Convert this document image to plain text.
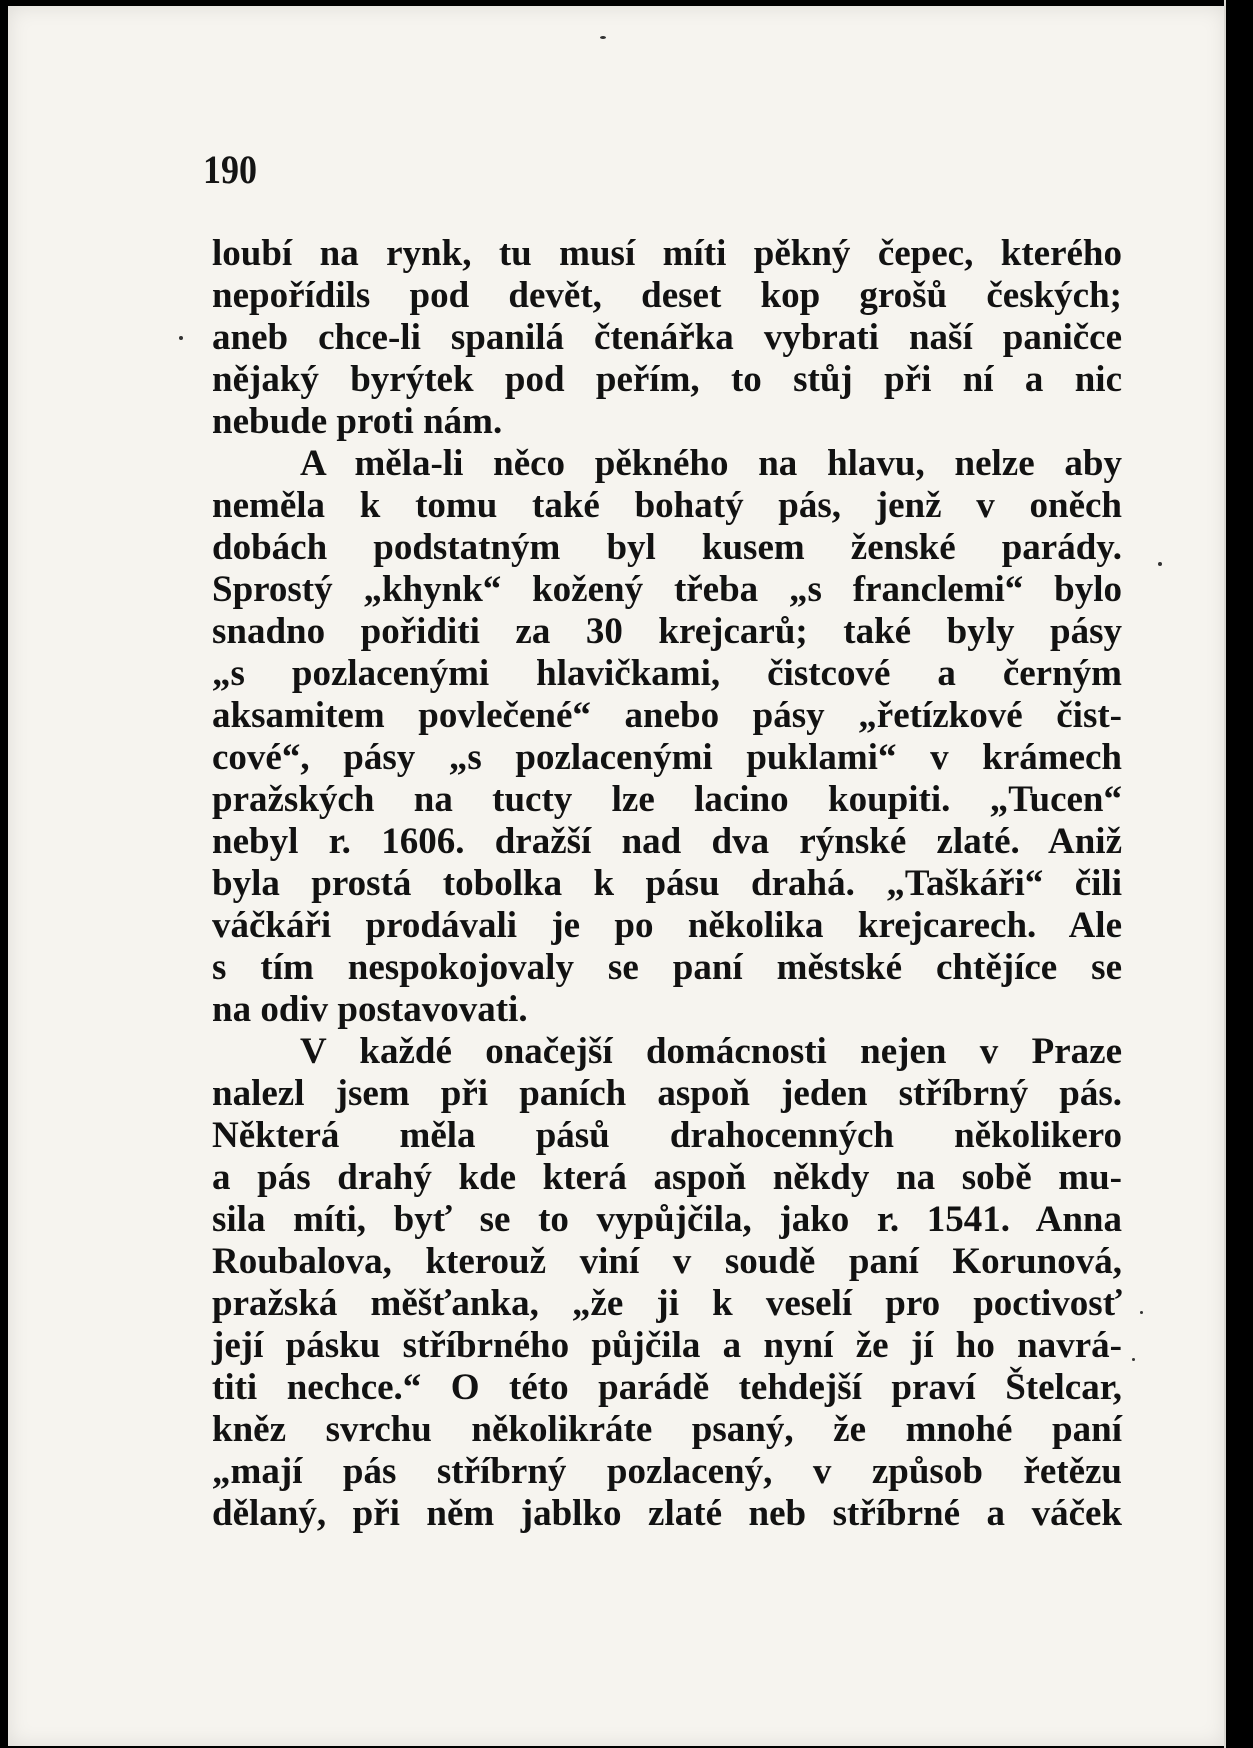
190
loubí na rynk, tu musí míti pěkný čepec, kterého
nepořídils pod devět, deset kop grošů českých;
aneb chce-li spanilá čtenářka vybrati naší paničce
nějaký byrýtek pod peřím, to stůj při ní a nic
nebude proti nám.
A měla-li něco pěkného na hlavu, nelze aby
neměla k tomu také bohatý pás, jenž v oněch
dobách podstatným byl kusem ženské parády.
Sprostý „khynk“ kožený třeba „s franclemi“ bylo
snadno pořiditi za 30 krejcarů; také byly pásy
„s pozlacenými hlavičkami, čistcové a černým
aksamitem povlečené“ anebo pásy „řetízkové čist-
cové“, pásy „s pozlacenými puklami“ v krámech
pražských na tucty lze lacino koupiti. „Tucen“
nebyl r. 1606. dražší nad dva rýnské zlaté. Aniž
byla prostá tobolka k pásu drahá. „Taškáři“ čili
váčkáři prodávali je po několika krejcarech. Ale
s tím nespokojovaly se paní městské chtějíce se
na odiv postavovati.
V každé onačejší domácnosti nejen v Praze
nalezl jsem při paních aspoň jeden stříbrný pás.
Některá měla pásů drahocenných několikero
a pás drahý kde která aspoň někdy na sobě mu-
sila míti, byť se to vypůjčila, jako r. 1541. Anna
Roubalova, kterouž viní v soudě paní Korunová,
pražská měšťanka, „že ji k veselí pro poctivosť
její pásku stříbrného půjčila a nyní že jí ho navrá-
titi nechce.“ O této parádě tehdejší praví Štelcar,
kněz svrchu několikráte psaný, že mnohé paní
„mají pás stříbrný pozlacený, v způsob řetězu
dělaný, při něm jablko zlaté neb stříbrné a váček
